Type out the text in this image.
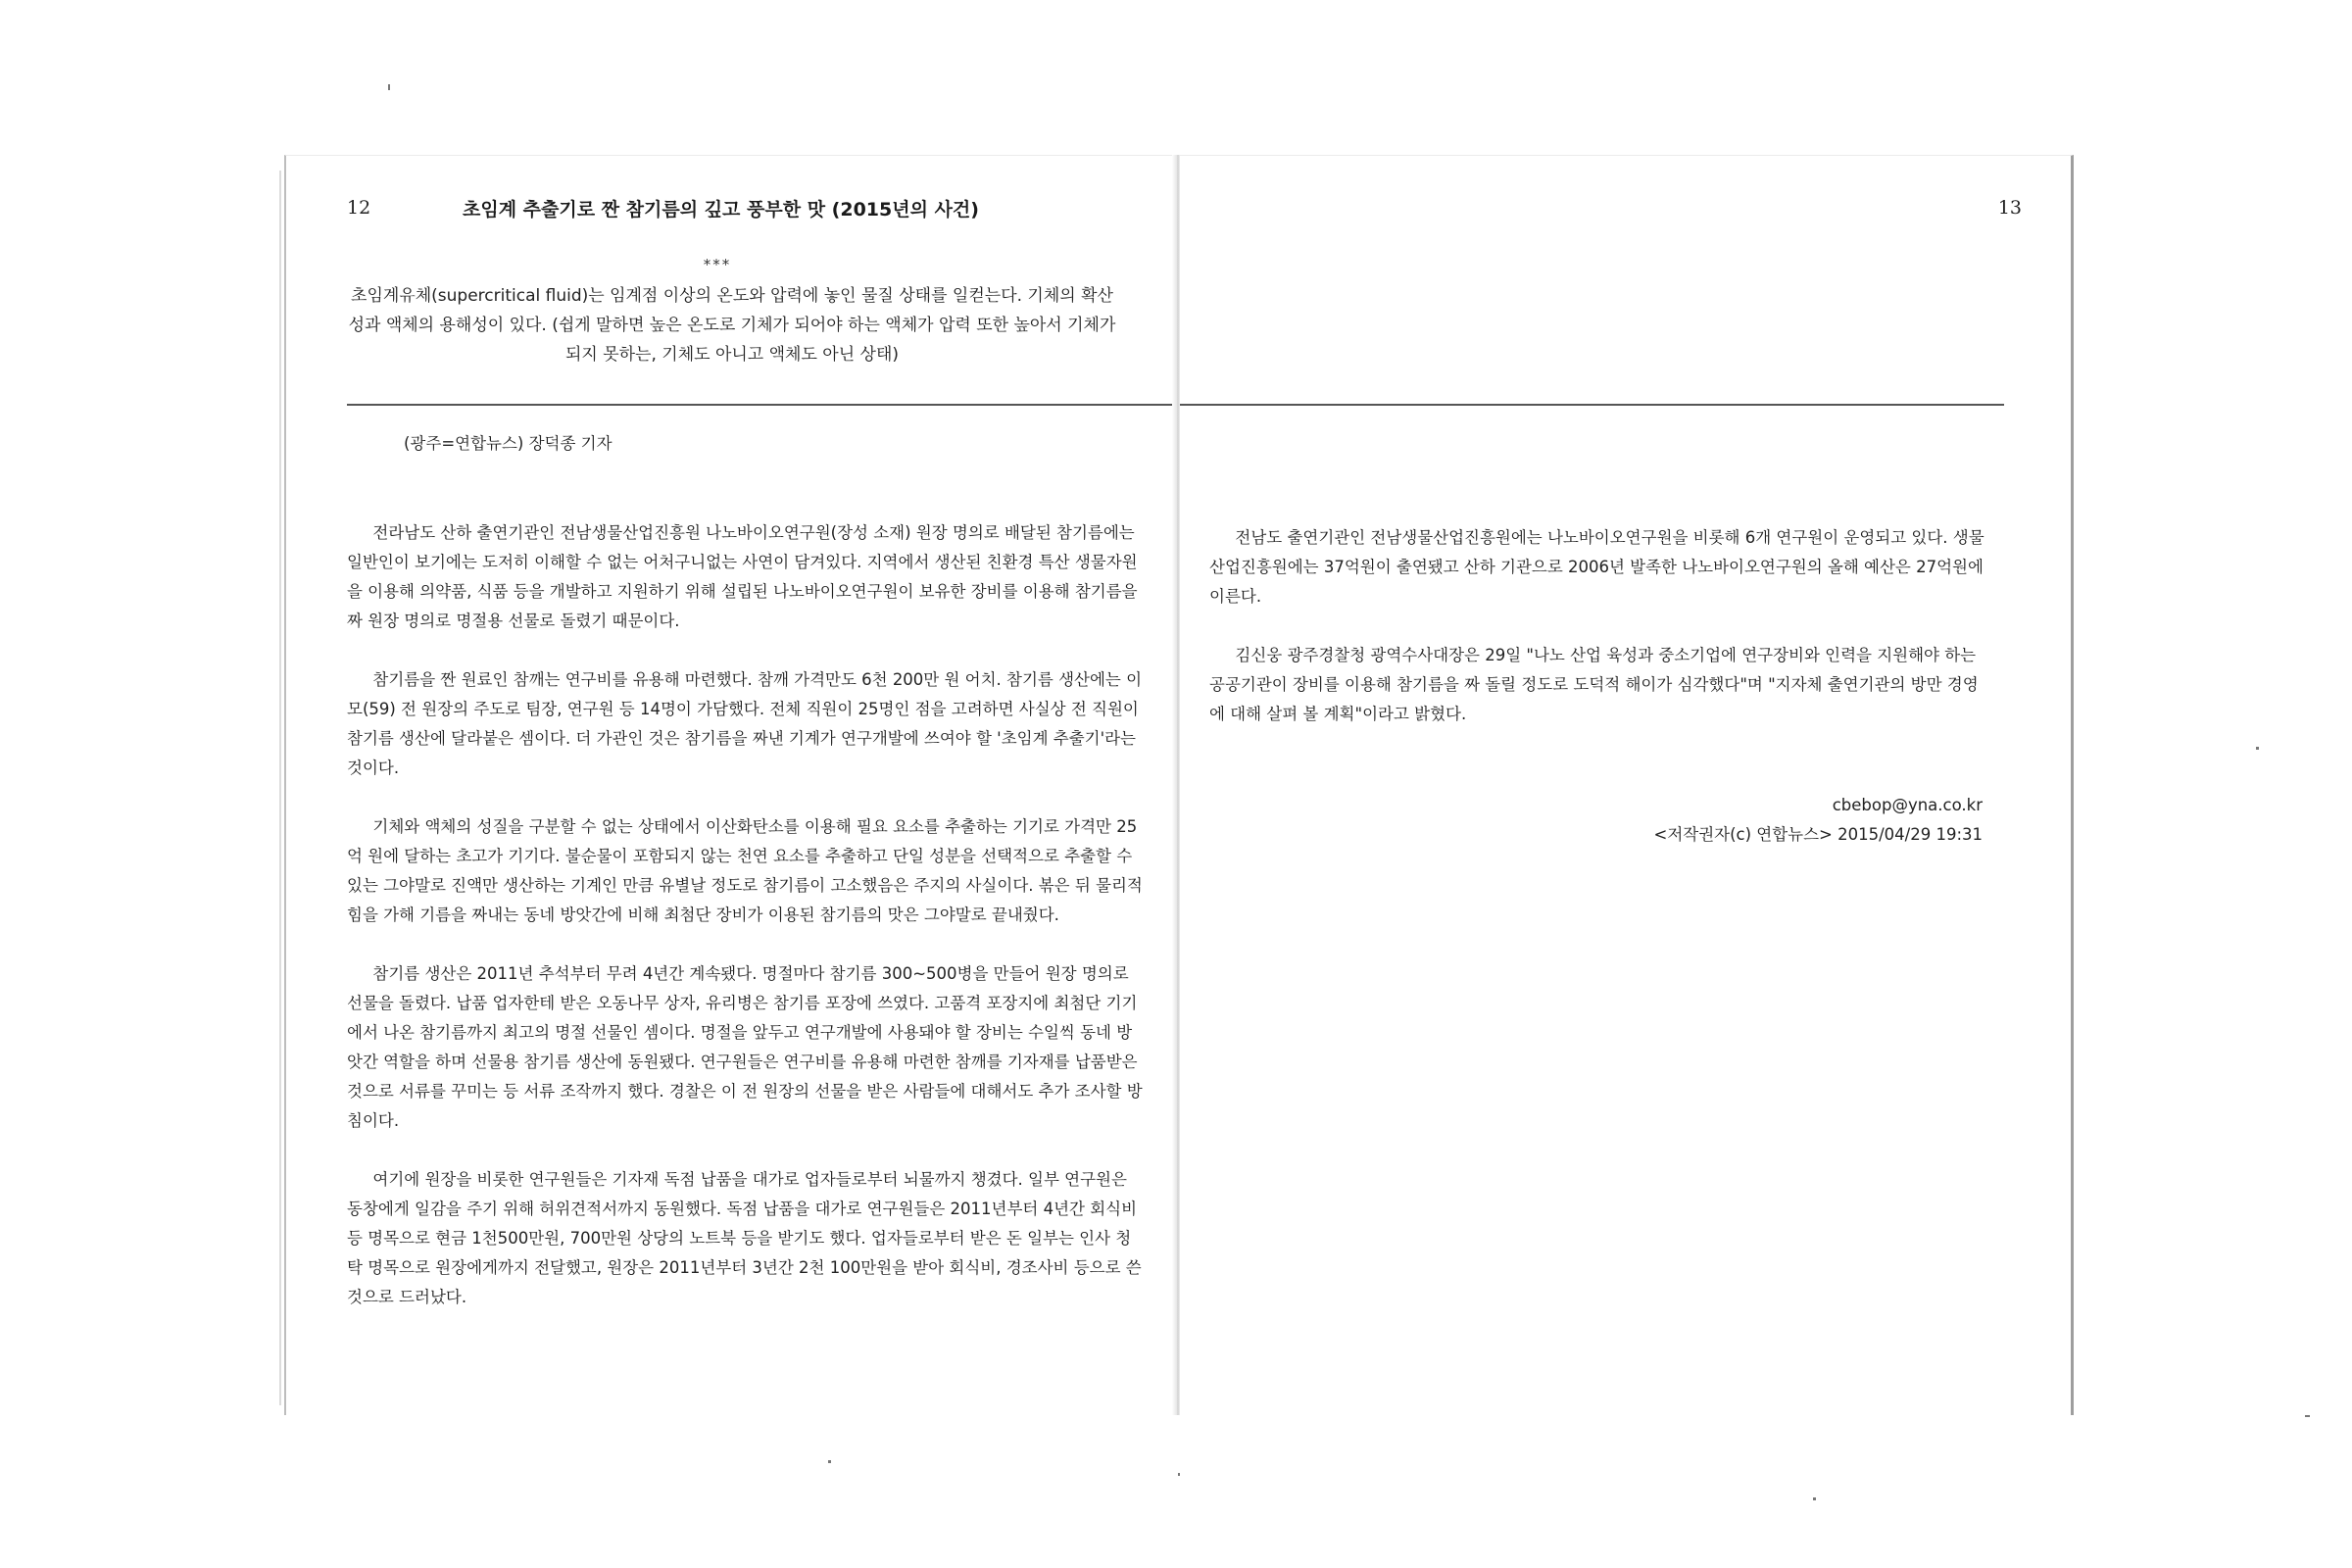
12	초임계 추출기로 짠 참기름의 깊고 풍부한 맛 (2015년의 사건)
***
초임계유체(supercritical fluid)는 임계점 이상의 온도와 압력에 놓인 물질 상태를 일컫는다. 기체의 확산성과 액체의 용해성이 있다. (쉽게 말하면 높은 온도로 기체가 되어야 하는 액체가 압력 또한 높아서 기체가 되지 못하는, 기체도 아니고 액체도 아닌 상태)
(광주=연합뉴스) 장덕종 기자

전라남도 산하 출연기관인 전남생물산업진흥원 나노바이오연구원(장성 소재) 원장 명의로 배달된 참기름에는 일반인이 보기에는 도저히 이해할 수 없는 어처구니없는 사연이 담겨있다. 지역에서 생산된 친환경 특산 생물자원을 이용해 의약품, 식품 등을 개발하고 지원하기 위해 설립된 나노바이오연구원이 보유한 장비를 이용해 참기름을 짜 원장 명의로 명절용 선물로 돌렸기 때문이다.

참기름을 짠 원료인 참깨는 연구비를 유용해 마련했다. 참깨 가격만도 6천 200만 원 어치. 참기름 생산에는 이모(59) 전 원장의 주도로 팀장, 연구원 등 14명이 가담했다. 전체 직원이 25명인 점을 고려하면 사실상 전 직원이 참기름 생산에 달라붙은 셈이다. 더 가관인 것은 참기름을 짜낸 기계가 연구개발에 쓰여야 할 '초임계 추출기'라는 것이다.

기체와 액체의 성질을 구분할 수 없는 상태에서 이산화탄소를 이용해 필요 요소를 추출하는 기기로 가격만 25억 원에 달하는 초고가 기기다. 불순물이 포함되지 않는 천연 요소를 추출하고 단일 성분을 선택적으로 추출할 수 있는 그야말로 진액만 생산하는 기계인 만큼 유별날 정도로 참기름이 고소했음은 주지의 사실이다. 볶은 뒤 물리적 힘을 가해 기름을 짜내는 동네 방앗간에 비해 최첨단 장비가 이용된 참기름의 맛은 그야말로 끝내줬다.

참기름 생산은 2011년 추석부터 무려 4년간 계속됐다. 명절마다 참기름 300~500병을 만들어 원장 명의로 선물을 돌렸다. 납품 업자한테 받은 오동나무 상자, 유리병은 참기름 포장에 쓰였다. 고품격 포장지에 최첨단 기기에서 나온 참기름까지 최고의 명절 선물인 셈이다. 명절을 앞두고 연구개발에 사용돼야 할 장비는 수일씩 동네 방앗간 역할을 하며 선물용 참기름 생산에 동원됐다. 연구원들은 연구비를 유용해 마련한 참깨를 기자재를 납품받은 것으로 서류를 꾸미는 등 서류 조작까지 했다. 경찰은 이 전 원장의 선물을 받은 사람들에 대해서도 추가 조사할 방침이다.

여기에 원장을 비롯한 연구원들은 기자재 독점 납품을 대가로 업자들로부터 뇌물까지 챙겼다. 일부 연구원은 동창에게 일감을 주기 위해 허위견적서까지 동원했다. 독점 납품을 대가로 연구원들은 2011년부터 4년간 회식비 등 명목으로 현금 1천500만원, 700만원 상당의 노트북 등을 받기도 했다. 업자들로부터 받은 돈 일부는 인사 청탁 명목으로 원장에게까지 전달했고, 원장은 2011년부터 3년간 2천 100만원을 받아 회식비, 경조사비 등으로 쓴 것으로 드러났다.

13

전남도 출연기관인 전남생물산업진흥원에는 나노바이오연구원을 비롯해 6개 연구원이 운영되고 있다. 생물산업진흥원에는 37억원이 출연됐고 산하 기관으로 2006년 발족한 나노바이오연구원의 올해 예산은 27억원에 이른다.

김신웅 광주경찰청 광역수사대장은 29일 "나노 산업 육성과 중소기업에 연구장비와 인력을 지원해야 하는 공공기관이 장비를 이용해 참기름을 짜 돌릴 정도로 도덕적 해이가 심각했다"며 "지자체 출연기관의 방만 경영에 대해 살펴 볼 계획"이라고 밝혔다.

cbebop@yna.co.kr
<저작권자(c) 연합뉴스> 2015/04/29 19:31
